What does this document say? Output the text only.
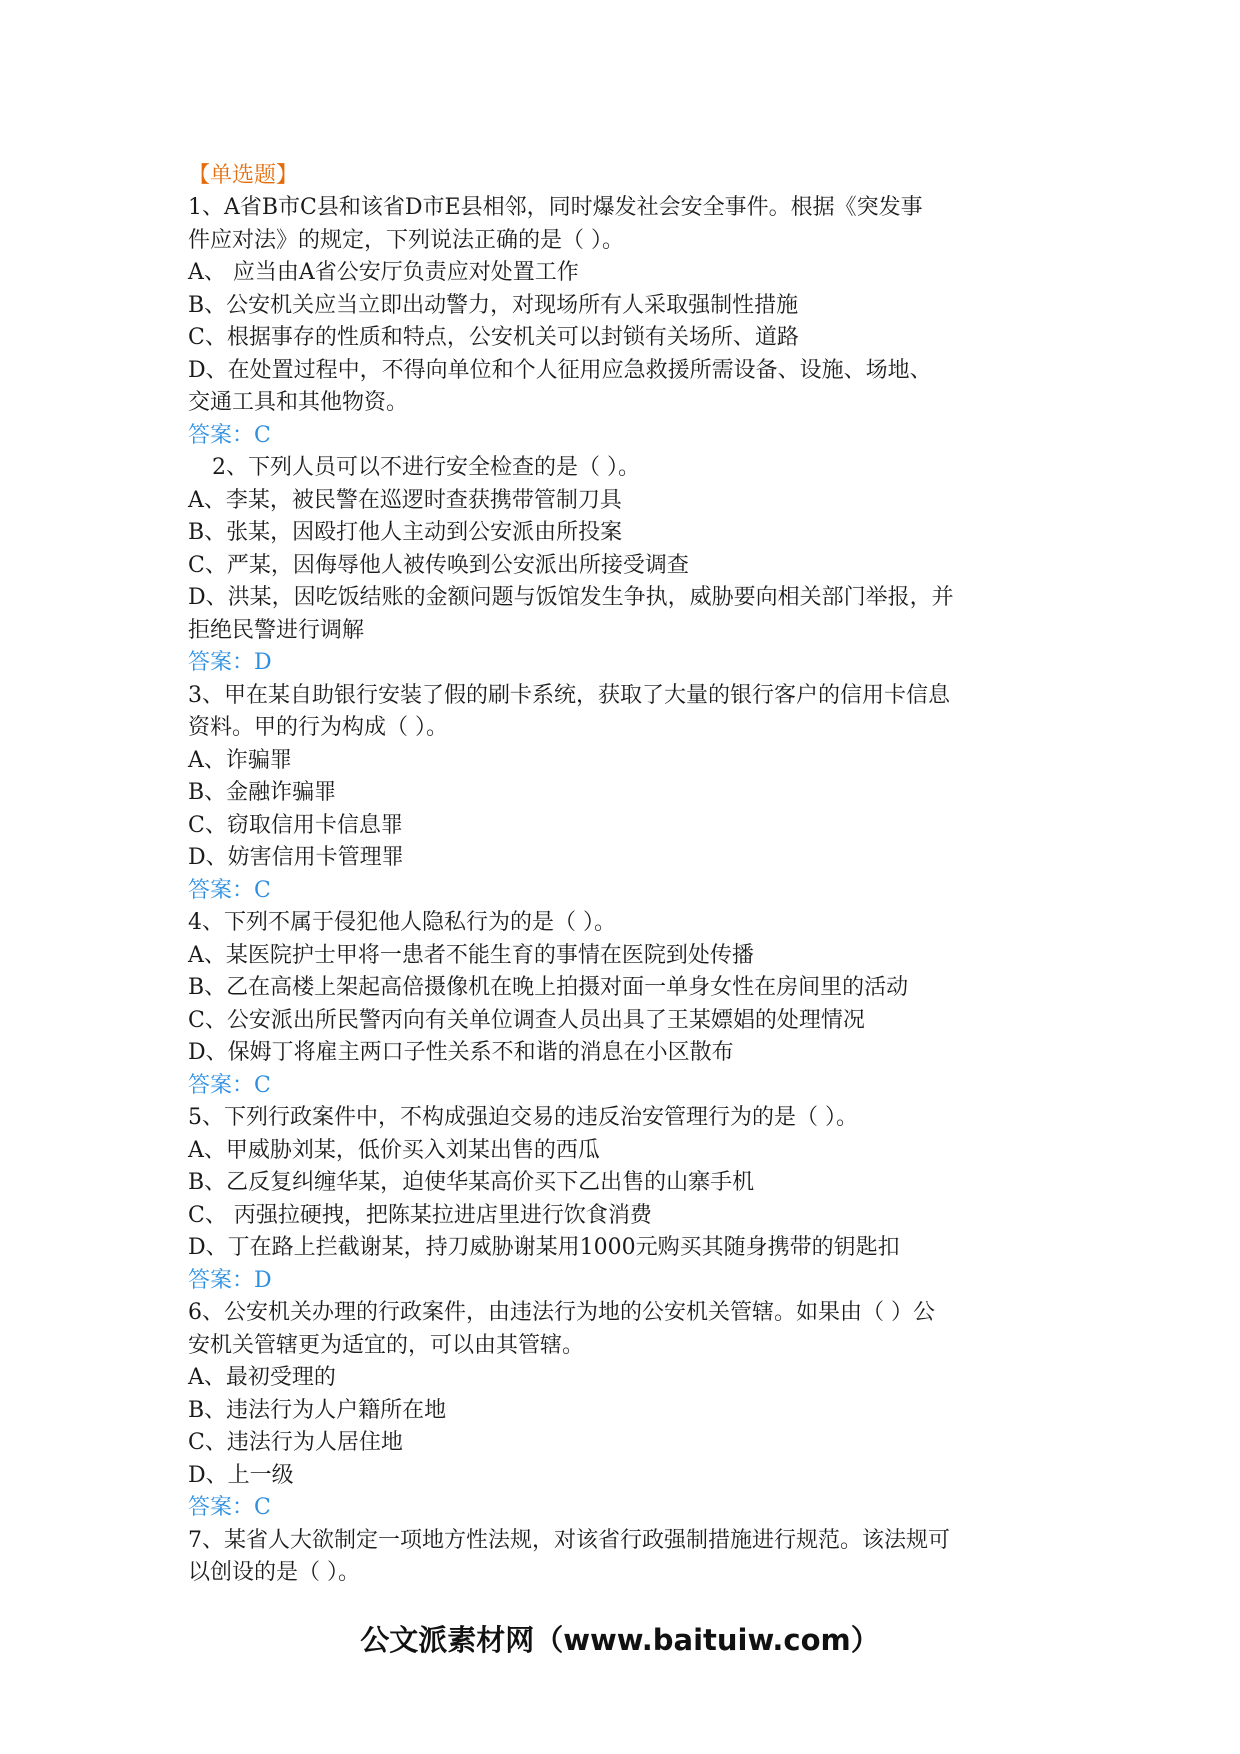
【单选题】
1、A省B市C县和该省D市E县相邻，同时爆发社会安全事件。根据《突发事
件应对法》的规定，下列说法正确的是（ ）。
A、 应当由A省公安厅负责应对处置工作
B、公安机关应当立即出动警力，对现场所有人采取强制性措施
C、根据事存的性质和特点，公安机关可以封锁有关场所、道路
D、在处置过程中，不得向单位和个人征用应急救援所需设备、设施、场地、
交通工具和其他物资。
答案：C
2、下列人员可以不进行安全检查的是（ ）。
A、李某，被民警在巡逻时查获携带管制刀具
B、张某，因殴打他人主动到公安派由所投案
C、严某，因侮辱他人被传唤到公安派出所接受调查
D、洪某，因吃饭结账的金额问题与饭馆发生争执，威胁要向相关部门举报，并
拒绝民警进行调解
答案：D
3、甲在某自助银行安装了假的刷卡系统，获取了大量的银行客户的信用卡信息
资料。甲的行为构成（ ）。
A、诈骗罪
B、金融诈骗罪
C、窃取信用卡信息罪
D、妨害信用卡管理罪
答案：C
4、下列不属于侵犯他人隐私行为的是（ ）。
A、某医院护士甲将一患者不能生育的事情在医院到处传播
B、乙在高楼上架起高倍摄像机在晚上拍摄对面一单身女性在房间里的活动
C、公安派出所民警丙向有关单位调查人员出具了王某嫖娼的处理情况
D、保姆丁将雇主两口子性关系不和谐的消息在小区散布
答案：C
5、下列行政案件中，不构成强迫交易的违反治安管理行为的是（ ）。
A、甲威胁刘某，低价买入刘某出售的西瓜
B、乙反复纠缠华某，迫使华某高价买下乙出售的山寨手机
C、 丙强拉硬拽，把陈某拉进店里进行饮食消费
D、丁在路上拦截谢某，持刀威胁谢某用1000元购买其随身携带的钥匙扣
答案：D
6、公安机关办理的行政案件，由违法行为地的公安机关管辖。如果由（ ）公
安机关管辖更为适宜的，可以由其管辖。
A、最初受理的
B、违法行为人户籍所在地
C、违法行为人居住地
D、上一级
答案：C
7、某省人大欲制定一项地方性法规，对该省行政强制措施进行规范。该法规可
以创设的是（ ）。
公文派素材网（www.baituiw.com）
